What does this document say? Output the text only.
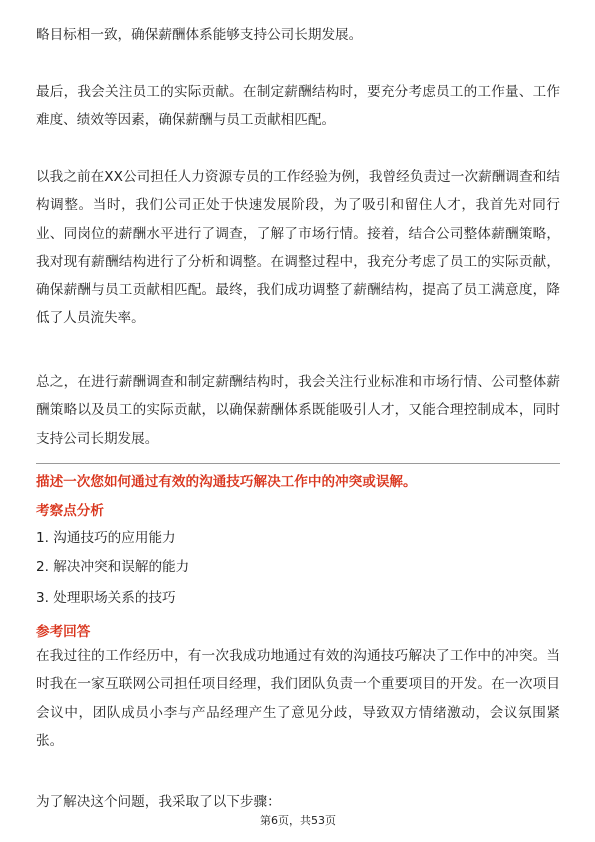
略目标相一致，确保薪酬体系能够支持公司长期发展。

最后，我会关注员工的实际贡献。在制定薪酬结构时，要充分考虑员工的工作量、工作难度、绩效等因素，确保薪酬与员工贡献相匹配。

以我之前在XX公司担任人力资源专员的工作经验为例，我曾经负责过一次薪酬调查和结构调整。当时，我们公司正处于快速发展阶段，为了吸引和留住人才，我首先对同行业、同岗位的薪酬水平进行了调查，了解了市场行情。接着，结合公司整体薪酬策略，我对现有薪酬结构进行了分析和调整。在调整过程中，我充分考虑了员工的实际贡献，确保薪酬与员工贡献相匹配。最终，我们成功调整了薪酬结构，提高了员工满意度，降低了人员流失率。

总之，在进行薪酬调查和制定薪酬结构时，我会关注行业标准和市场行情、公司整体薪酬策略以及员工的实际贡献，以确保薪酬体系既能吸引人才，又能合理控制成本，同时支持公司长期发展。

描述一次您如何通过有效的沟通技巧解决工作中的冲突或误解。
考察点分析
1. 沟通技巧的应用能力
2. 解决冲突和误解的能力
3. 处理职场关系的技巧
参考回答

在我过往的工作经历中，有一次我成功地通过有效的沟通技巧解决了工作中的冲突。当时我在一家互联网公司担任项目经理，我们团队负责一个重要项目的开发。在一次项目会议中，团队成员小李与产品经理产生了意见分歧，导致双方情绪激动，会议氛围紧张。

为了解决这个问题，我采取了以下步骤：

第6页，共53页
